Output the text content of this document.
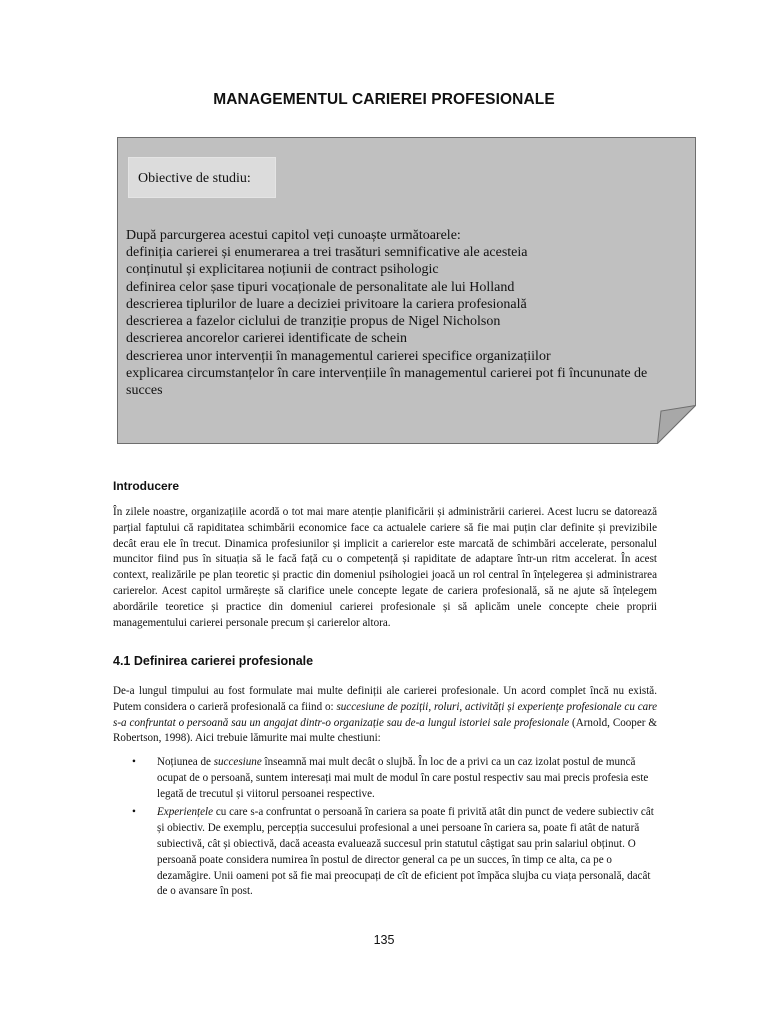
MANAGEMENTUL CARIEREI PROFESIONALE
Obiective de studiu:

După parcurgerea acestui capitol veți cunoaște următoarele:

definiția carierei și enumerarea a trei trasături semnificative ale acesteia
conținutul și explicitarea noțiunii de contract psihologic
definirea celor șase tipuri vocaționale de personalitate ale lui Holland
descrierea tiplurilor de luare a deciziei privitoare la cariera profesională
descrierea a fazelor ciclului de tranziție propus de Nigel Nicholson
descrierea ancorelor carierei identificate de schein
descrierea unor intervenții în managementul carierei specifice organizațiilor
explicarea circumstanțelor în care intervențiile în managementul carierei pot fi încununate de succes
Introducere

În zilele noastre, organizațiile acordă o tot mai mare atenție planificării și administrării carierei. Acest lucru se datorează parțial faptului că rapiditatea schimbării economice face ca actualele cariere să fie mai puțin clar definite și previzibile decât erau ele în trecut. Dinamica profesiunilor și implicit a carierelor este marcată de schimbări accelerate, personalul muncitor fiind pus în situația să le facă față cu o competență și rapiditate de adaptare într-un ritm accelerat. În acest context, realizările pe plan teoretic și practic din domeniul psihologiei joacă un rol central în înțelegerea și administrarea carierelor. Acest capitol urmărește să clarifice unele concepte legate de cariera profesională, să ne ajute să înțelegem abordările teoretice și practice din domeniul carierei profesionale și să aplicăm unele concepte cheie proprii managementului carierei personale precum și carierelor altora.

4.1 Definirea carierei profesionale

De-a lungul timpului au fost formulate mai multe definiții ale carierei profesionale. Un acord complet încă nu există. Putem considera o carieră profesională ca fiind o: succesiune de poziții, roluri, activități și experiențe profesionale cu care s-a confruntat o persoană sau un angajat dintr-o organizație sau de-a lungul istoriei sale profesionale (Arnold, Cooper & Robertson, 1998). Aici trebuie lămurite mai multe chestiuni:

• Noțiunea de succesiune înseamnă mai mult decât o slujbă. În loc de a privi ca un caz izolat postul de muncă ocupat de o persoană, suntem interesați mai mult de modul în care postul respectiv sau mai precis profesia este legată de trecutul și viitorul persoanei respective.
• Experiențele cu care s-a confruntat o persoană în cariera sa poate fi privită atât din punct de vedere subiectiv cât și obiectiv. De exemplu, percepția succesului profesional a unei persoane în cariera sa, poate fi atât de natură subiectivă, cât și obiectivă, dacă aceasta evaluează succesul prin statutul câștigat sau prin salariul obținut. O persoană poate considera numirea în postul de director general ca pe un succes, în timp ce alta, ca pe o dezamăgire. Unii oameni pot să fie mai preocupați de cît de eficient pot împăca slujba cu viața personală, dacât de o avansare în post.
135
